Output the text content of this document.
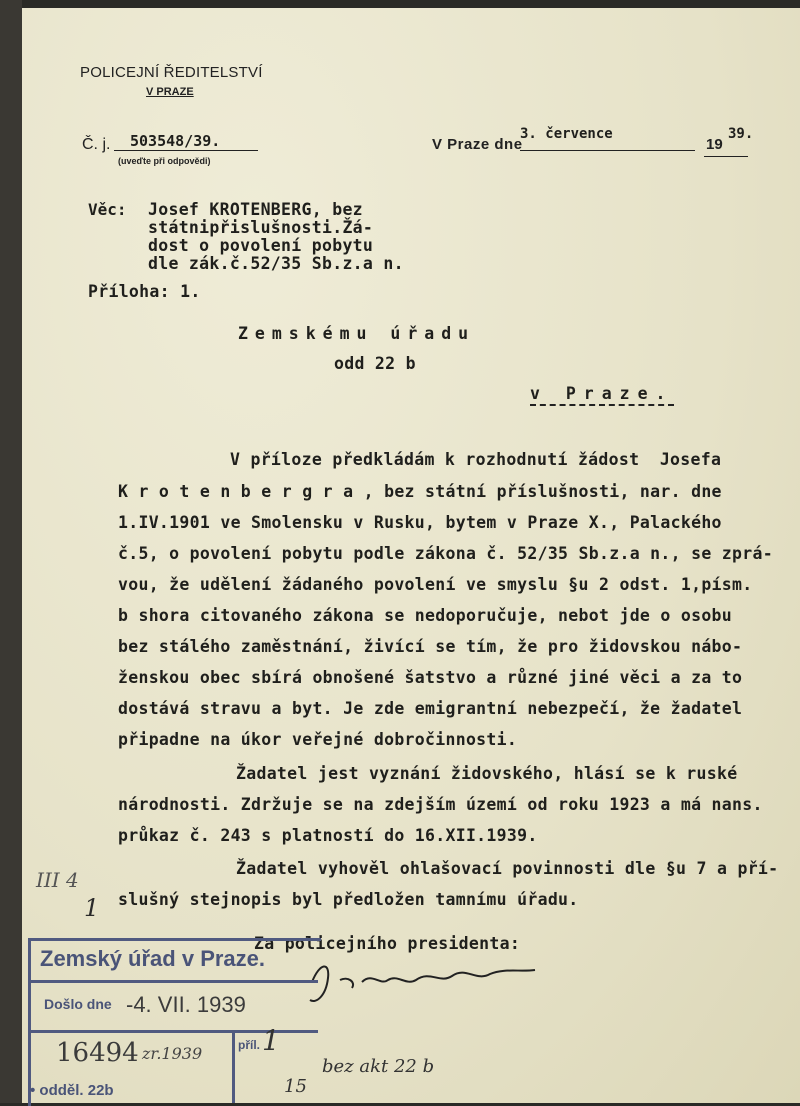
POLICEJNÍ ŘEDITELSTVÍ
V PRAZE
Č. j.	503548/39.
(uveďte při odpovědi)
V Praze dne
3. července
19
39.
Věc: Josef KROTENBERG, bez
státnipřislušnosti.Žá-
dost o povolení pobytu
dle zák.č.52/35 Sb.z.a n.
Příloha: 1.
Zemskému úřadu
odd 22 b
v Praze.
V příloze předkládám k rozhodnutí žádost  Josefa
K r o t e n b e r g r a , bez státní příslušnosti, nar. dne
1.IV.1901 ve Smolensku v Rusku, bytem v Praze X., Palackého
č.5, o povolení pobytu podle zákona č. 52/35 Sb.z.a n., se zprá-
vou, že udělení žádaného povolení ve smyslu §u 2 odst. 1,písm.
b shora citovaného zákona se nedoporučuje, nebot jde o osobu
bez stálého zaměstnání, živící se tím, že pro židovskou nábo-
ženskou obec sbírá obnošené šatstvo a různé jiné věci a za to
dostává stravu a byt. Je zde emigrantní nebezpečí, že žadatel
připadne na úkor veřejné dobročinnosti.
Žadatel jest vyznání židovského, hlásí se k ruské
národnosti. Zdržuje se na zdejším území od roku 1923 a má nans.
průkaz č. 243 s platností do 16.XII.1939.
Žadatel vyhověl ohlašovací povinnosti dle §u 7 a pří-
slušný stejnopis byl předložen tamnímu úřadu.
Za policejního presidenta:
III 4
1
Zemský úřad v Praze.
Došlo dne -4. VII. 1939
16494 zr.1939
• odděl. 22b
příl. 1
15
bez akt 22 b
